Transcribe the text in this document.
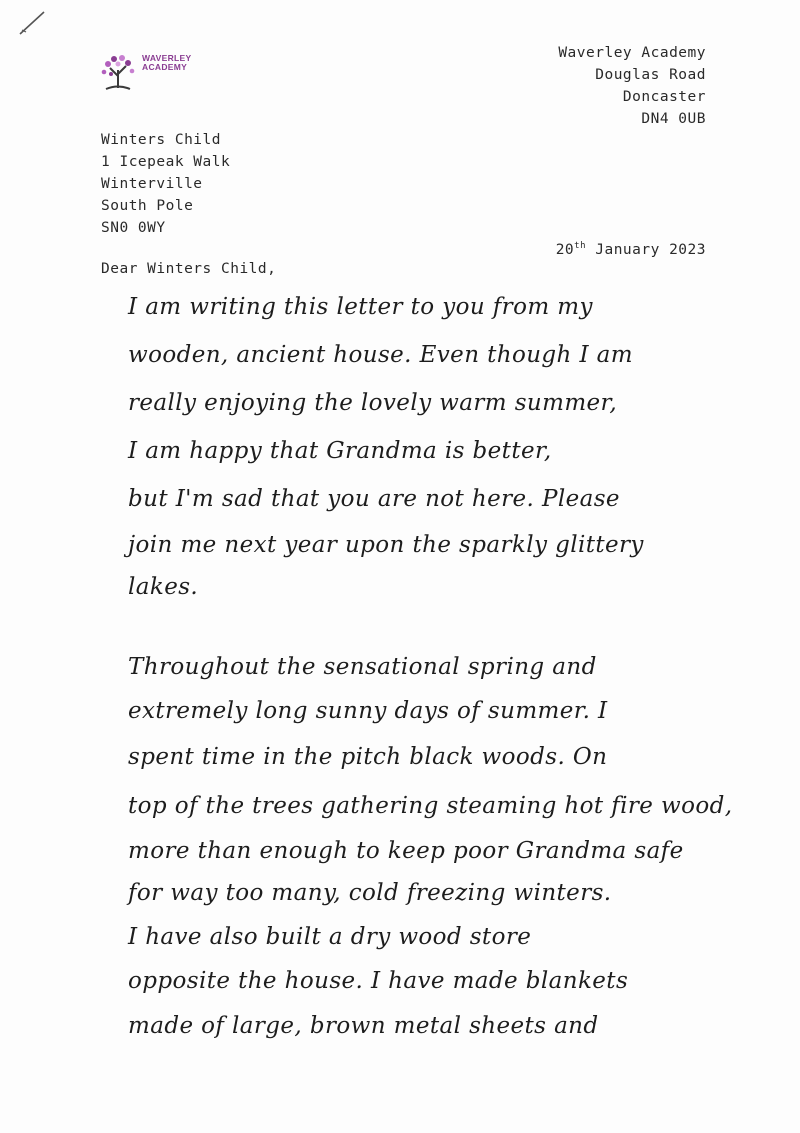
WAVERLEY ACADEMY
Waverley Academy
Douglas Road
Doncaster
DN4 0UB
Winters Child
1 Icepeak Walk
Winterville
South Pole
SN0 0WY
20th January 2023
Dear Winters Child,
I am writing this letter to you from my
wooden, ancient house. Even though I am
really enjoying the lovely warm summer,
I am happy that Grandma is better,
but I'm sad that you are not here. Please
join me next year upon the sparkly glittery
lakes.
Throughout the sensational spring and
extremely long sunny days of summer. I
spent time in the pitch black woods. On
top of the trees gathering steaming hot fire wood,
more than enough to keep poor Grandma safe
for way too many, cold freezing winters.
I have also built a dry wood store
opposite the house. I have made blankets
made of large, brown metal sheets and
